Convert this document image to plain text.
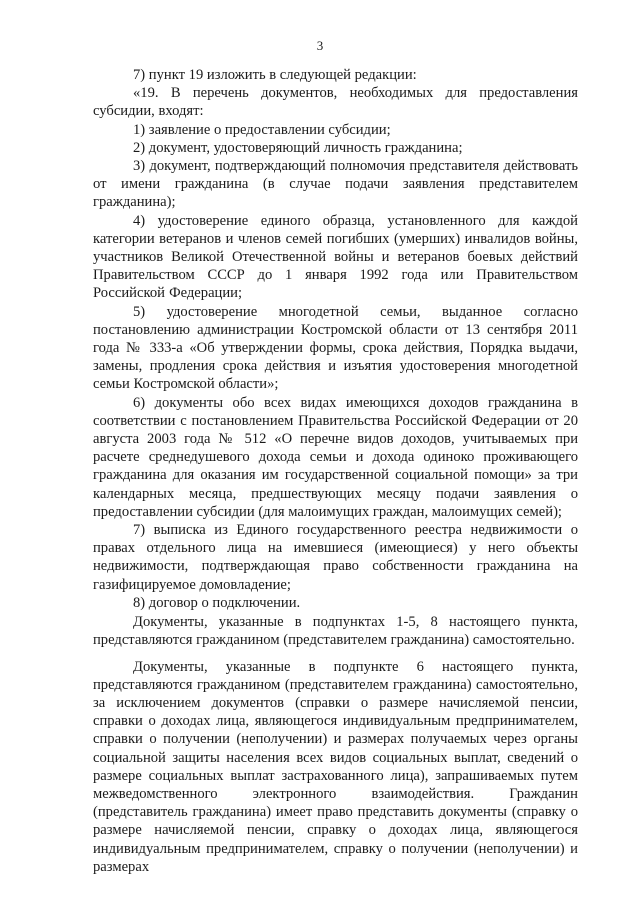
3

7) пункт 19 изложить в следующей редакции:

«19. В перечень документов, необходимых для предоставления субсидии, входят:

1) заявление о предоставлении субсидии;

2) документ, удостоверяющий личность гражданина;

3) документ, подтверждающий полномочия представителя действовать от имени гражданина (в случае подачи заявления представителем гражданина);

4) удостоверение единого образца, установленного для каждой категории ветеранов и членов семей погибших (умерших) инвалидов войны, участников Великой Отечественной войны и ветеранов боевых действий Правительством СССР до 1 января 1992 года или Правительством Российской Федерации;

5) удостоверение многодетной семьи, выданное согласно постановлению администрации Костромской области от 13 сентября 2011 года № 333-а «Об утверждении формы, срока действия, Порядка выдачи, замены, продления срока действия и изъятия удостоверения многодетной семьи Костромской области»;

6) документы обо всех видах имеющихся доходов гражданина в соответствии с постановлением Правительства Российской Федерации от 20 августа 2003 года № 512 «О перечне видов доходов, учитываемых при расчете среднедушевого дохода семьи и дохода одиноко проживающего гражданина для оказания им государственной социальной помощи» за три календарных месяца, предшествующих месяцу подачи заявления о предоставлении субсидии (для малоимущих граждан, малоимущих семей);

7) выписка из Единого государственного реестра недвижимости о правах отдельного лица на имевшиеся (имеющиеся) у него объекты недвижимости, подтверждающая право собственности гражданина на газифицируемое домовладение;

8) договор о подключении.

Документы, указанные в подпунктах 1-5, 8 настоящего пункта, представляются гражданином (представителем гражданина) самостоятельно.

Документы, указанные в подпункте 6 настоящего пункта, представляются гражданином (представителем гражданина) самостоятельно, за исключением документов (справки о размере начисляемой пенсии, справки о доходах лица, являющегося индивидуальным предпринимателем, справки о получении (неполучении) и размерах получаемых через органы социальной защиты населения всех видов социальных выплат, сведений о размере социальных выплат застрахованного лица), запрашиваемых путем межведомственного электронного взаимодействия. Гражданин (представитель гражданина) имеет право представить документы (справку о размере начисляемой пенсии, справку о доходах лица, являющегося индивидуальным предпринимателем, справку о получении (неполучении) и размерах
